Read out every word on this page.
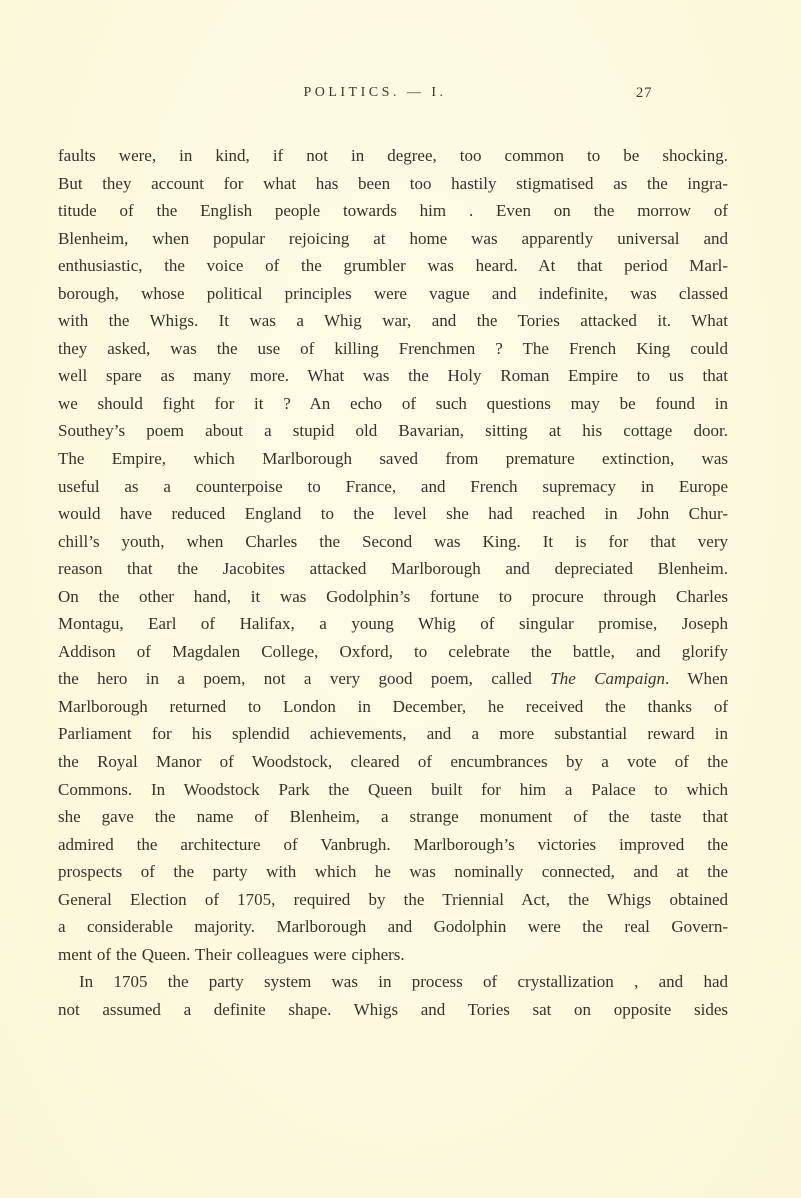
POLITICS. — I.	27
faults were, in kind, if not in degree, too common to be shocking.
But they account for what has been too hastily stigmatised as the ingra-
titude of the English people towards him . Even on the morrow of
Blenheim, when popular rejoicing at home was apparently universal and
enthusiastic, the voice of the grumbler was heard. At that period Marl-
borough, whose political principles were vague and indefinite, was classed
with the Whigs. It was a Whig war, and the Tories attacked it. What
they asked, was the use of killing Frenchmen ? The French King could
well spare as many more. What was the Holy Roman Empire to us that
we should fight for it ? An echo of such questions may be found in
Southey’s poem about a stupid old Bavarian, sitting at his cottage door.
The Empire, which Marlborough saved from premature extinction, was
useful as a counterpoise to France, and French supremacy in Europe
would have reduced England to the level she had reached in John Chur-
chill’s youth, when Charles the Second was King. It is for that very
reason that the Jacobites attacked Marlborough and depreciated Blenheim.
On the other hand, it was Godolphin’s fortune to procure through Charles
Montagu, Earl of Halifax, a young Whig of singular promise, Joseph
Addison of Magdalen College, Oxford, to celebrate the battle, and glorify
the hero in a poem, not a very good poem, called The Campaign. When
Marlborough returned to London in December, he received the thanks of
Parliament for his splendid achievements, and a more substantial reward in
the Royal Manor of Woodstock, cleared of encumbrances by a vote of the
Commons. In Woodstock Park the Queen built for him a Palace to which
she gave the name of Blenheim, a strange monument of the taste that
admired the architecture of Vanbrugh. Marlborough’s victories improved the
prospects of the party with which he was nominally connected, and at the
General Election of 1705, required by the Triennial Act, the Whigs obtained
a considerable majority. Marlborough and Godolphin were the real Govern-
ment of the Queen. Their colleagues were ciphers.
In 1705 the party system was in process of crystallization , and had
not assumed a definite shape. Whigs and Tories sat on opposite sides
